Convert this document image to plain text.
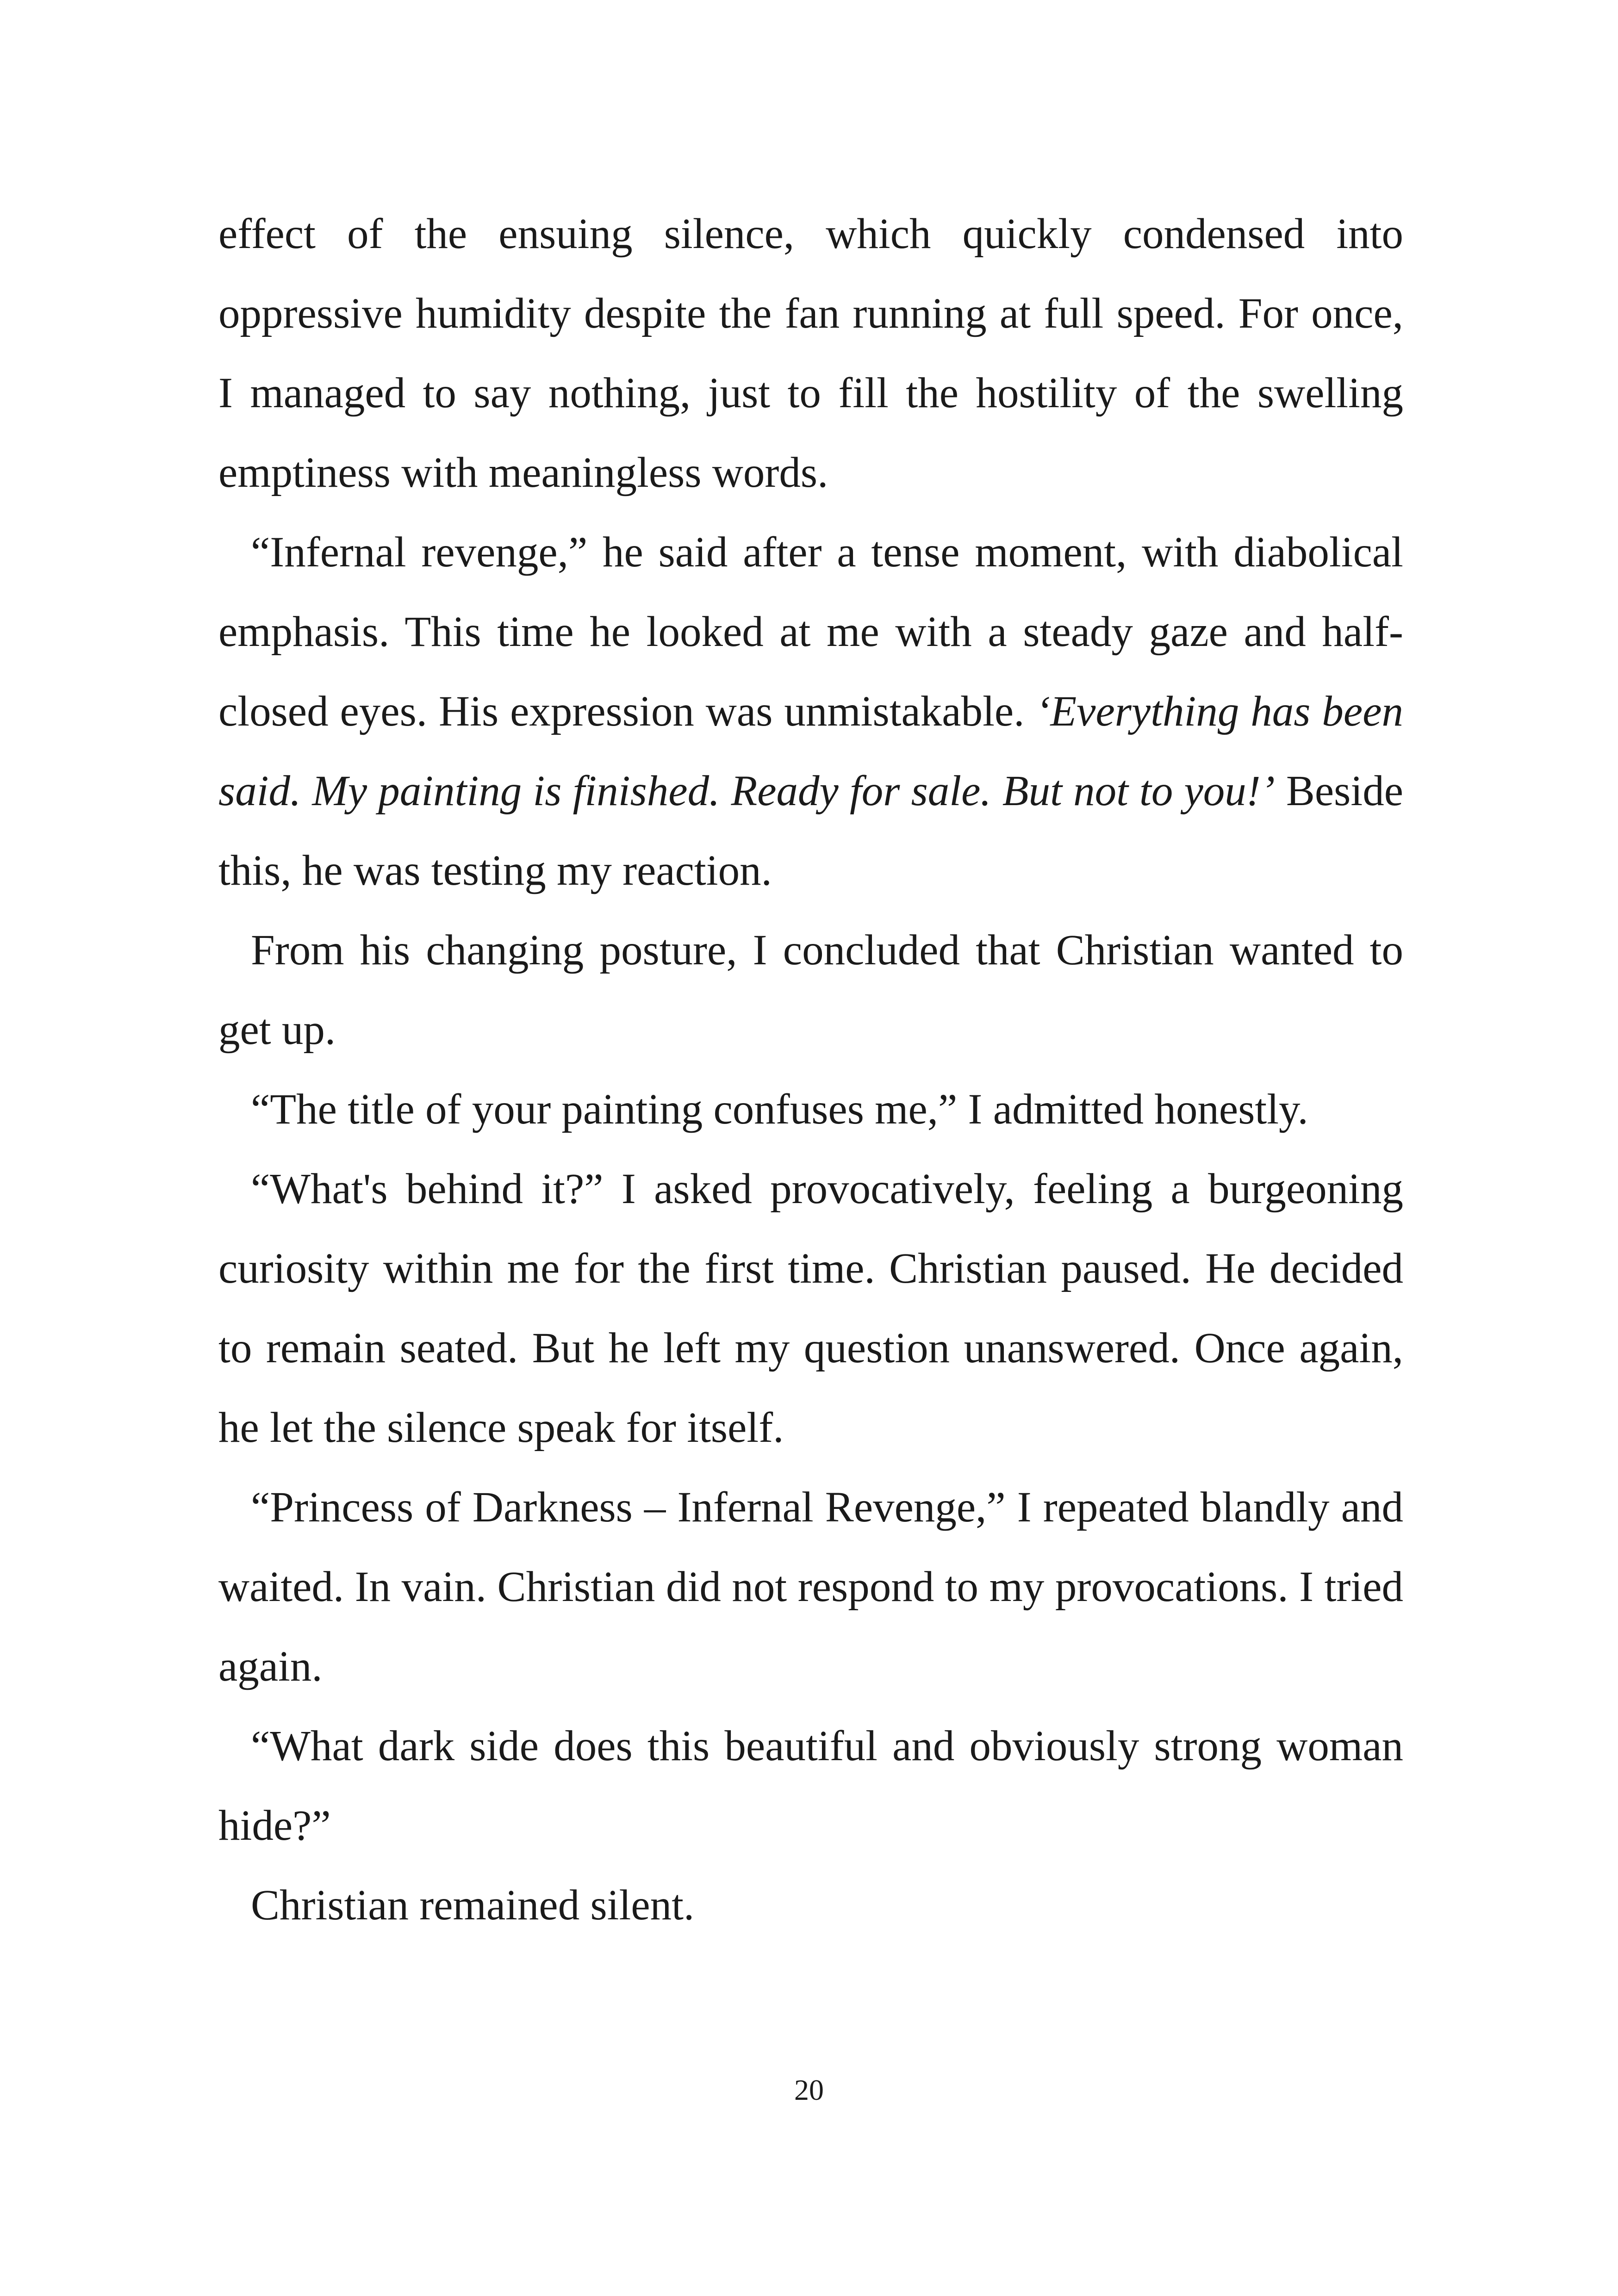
effect of the ensuing silence, which quickly condensed into oppressive humidity despite the fan running at full speed. For once, I managed to say nothing, just to fill the hostility of the swelling emptiness with meaningless words.

“Infernal revenge,” he said after a tense moment, with diabolical emphasis. This time he looked at me with a steady gaze and half-closed eyes. His expression was unmistakable. ‘Everything has been said. My painting is finished. Ready for sale. But not to you!’ Beside this, he was testing my reaction.

From his changing posture, I concluded that Christian wanted to get up.

“The title of your painting confuses me,” I admitted honestly.

“What's behind it?” I asked provocatively, feeling a burgeoning curiosity within me for the first time. Christian paused. He decided to remain seated. But he left my question unanswered. Once again, he let the silence speak for itself.

“Princess of Darkness – Infernal Revenge,” I repeated blandly and waited. In vain. Christian did not respond to my provocations. I tried again.

“What dark side does this beautiful and obviously strong woman hide?”

Christian remained silent.

20
